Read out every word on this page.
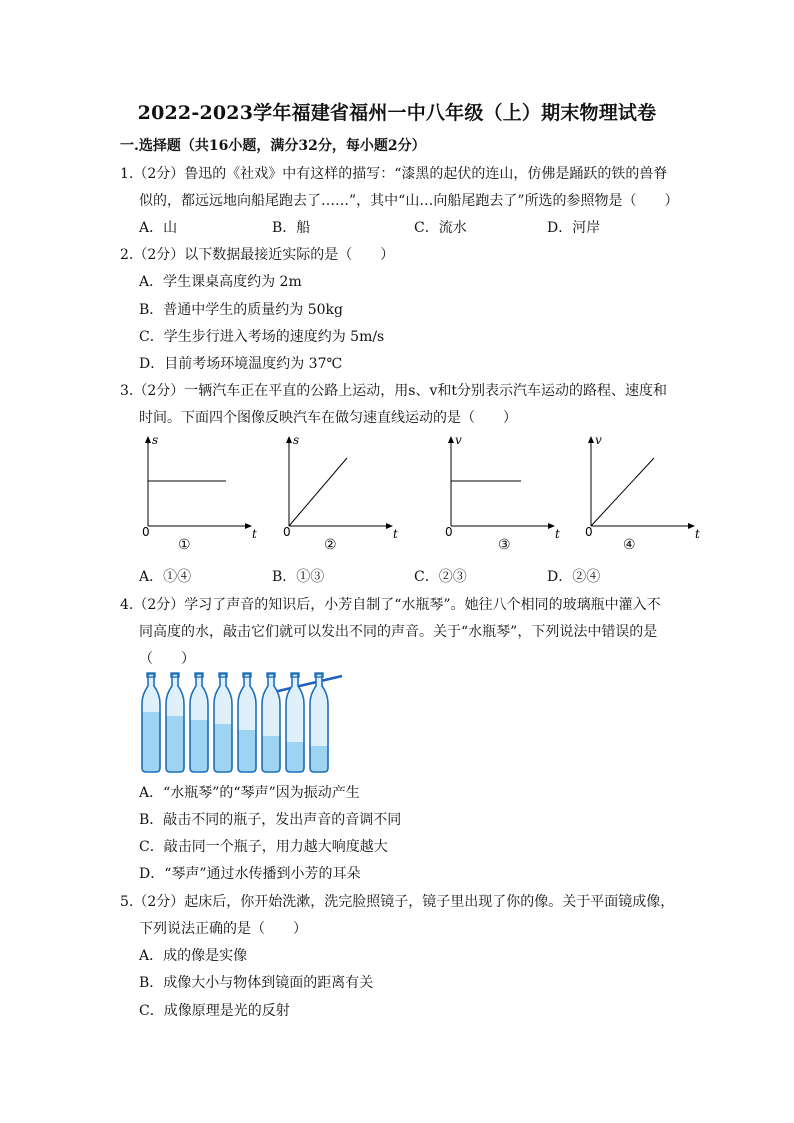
2022-2023学年福建省福州一中八年级（上）期末物理试卷
一.选择题（共16小题，满分32分，每小题2分）
1.（2分）鲁迅的《社戏》中有这样的描写：“漆黑的起伏的连山，仿佛是踊跃的铁的兽脊
似的，都远远地向船尾跑去了……”，其中“山…向船尾跑去了”所选的参照物是（　　）
A．山	B．船	C．流水	D．河岸
2.（2分）以下数据最接近实际的是（　　）
A．学生课桌高度约为 2m
B．普通中学生的质量约为 50kg
C．学生步行进入考场的速度约为 5m/s
D．目前考场环境温度约为 37℃
3.（2分）一辆汽车正在平直的公路上运动，用s、v和t分别表示汽车运动的路程、速度和
时间。下面四个图像反映汽车在做匀速直线运动的是（　　）
s
t
0
①
s
t
0
②
v
t
0
③
v
t
0
④
A．①④	B．①③	C．②③	D．②④
4.（2分）学习了声音的知识后，小芳自制了“水瓶琴”。她往八个相同的玻璃瓶中灌入不
同高度的水，敲击它们就可以发出不同的声音。关于“水瓶琴”，下列说法中错误的是
（　　）
A．“水瓶琴”的“琴声”因为振动产生
B．敲击不同的瓶子，发出声音的音调不同
C．敲击同一个瓶子，用力越大响度越大
D．“琴声”通过水传播到小芳的耳朵
5.（2分）起床后，你开始洗漱，洗完脸照镜子，镜子里出现了你的像。关于平面镜成像，
下列说法正确的是（　　）
A．成的像是实像
B．成像大小与物体到镜面的距离有关
C．成像原理是光的反射
